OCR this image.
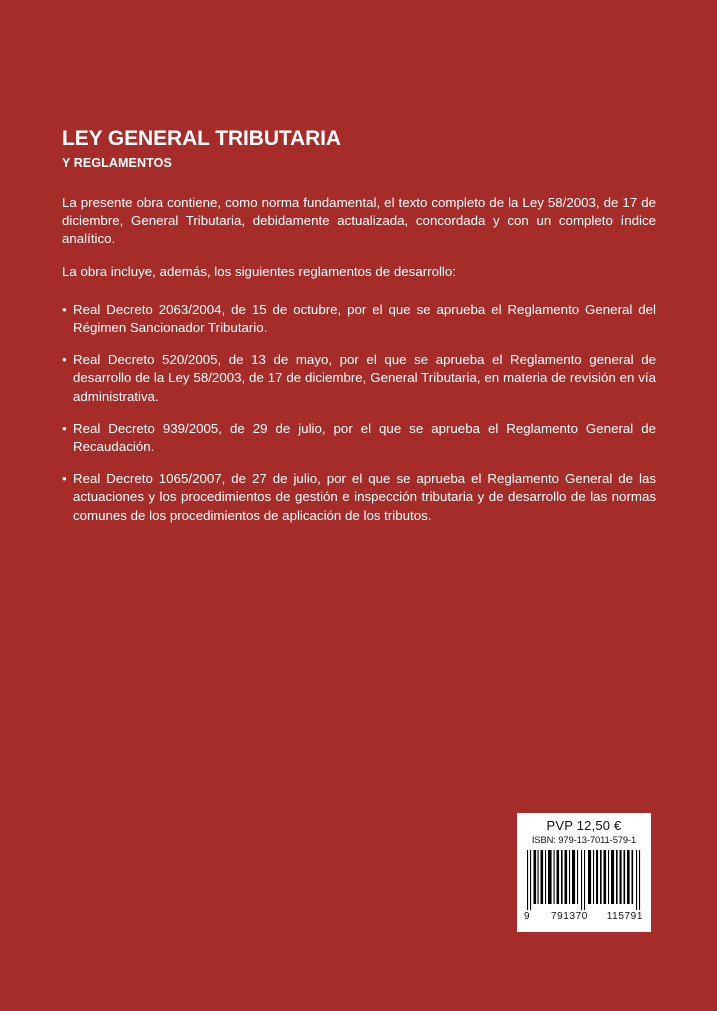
LEY GENERAL TRIBUTARIA
Y REGLAMENTOS

La presente obra contiene, como norma fundamental, el texto completo de la Ley 58/2003, de 17 de diciembre, General Tributaria, debidamente actualizada, concordada y con un completo índice analítico.

La obra incluye, además, los siguientes reglamentos de desarrollo:

• Real Decreto 2063/2004, de 15 de octubre, por el que se aprueba el Reglamento General del Régimen Sancionador Tributario.
• Real Decreto 520/2005, de 13 de mayo, por el que se aprueba el Reglamento general de desarrollo de la Ley 58/2003, de 17 de diciembre, General Tributaria, en materia de revisión en vía administrativa.
• Real Decreto 939/2005, de 29 de julio, por el que se aprueba el Reglamento General de Recaudación.
• Real Decreto 1065/2007, de 27 de julio, por el que se aprueba el Reglamento General de las actuaciones y los procedimientos de gestión e inspección tributaria y de desarrollo de las normas comunes de los procedimientos de aplicación de los tributos.
PVP 12,50 €
ISBN: 979-13-7011-579-1
9 791370 115791
